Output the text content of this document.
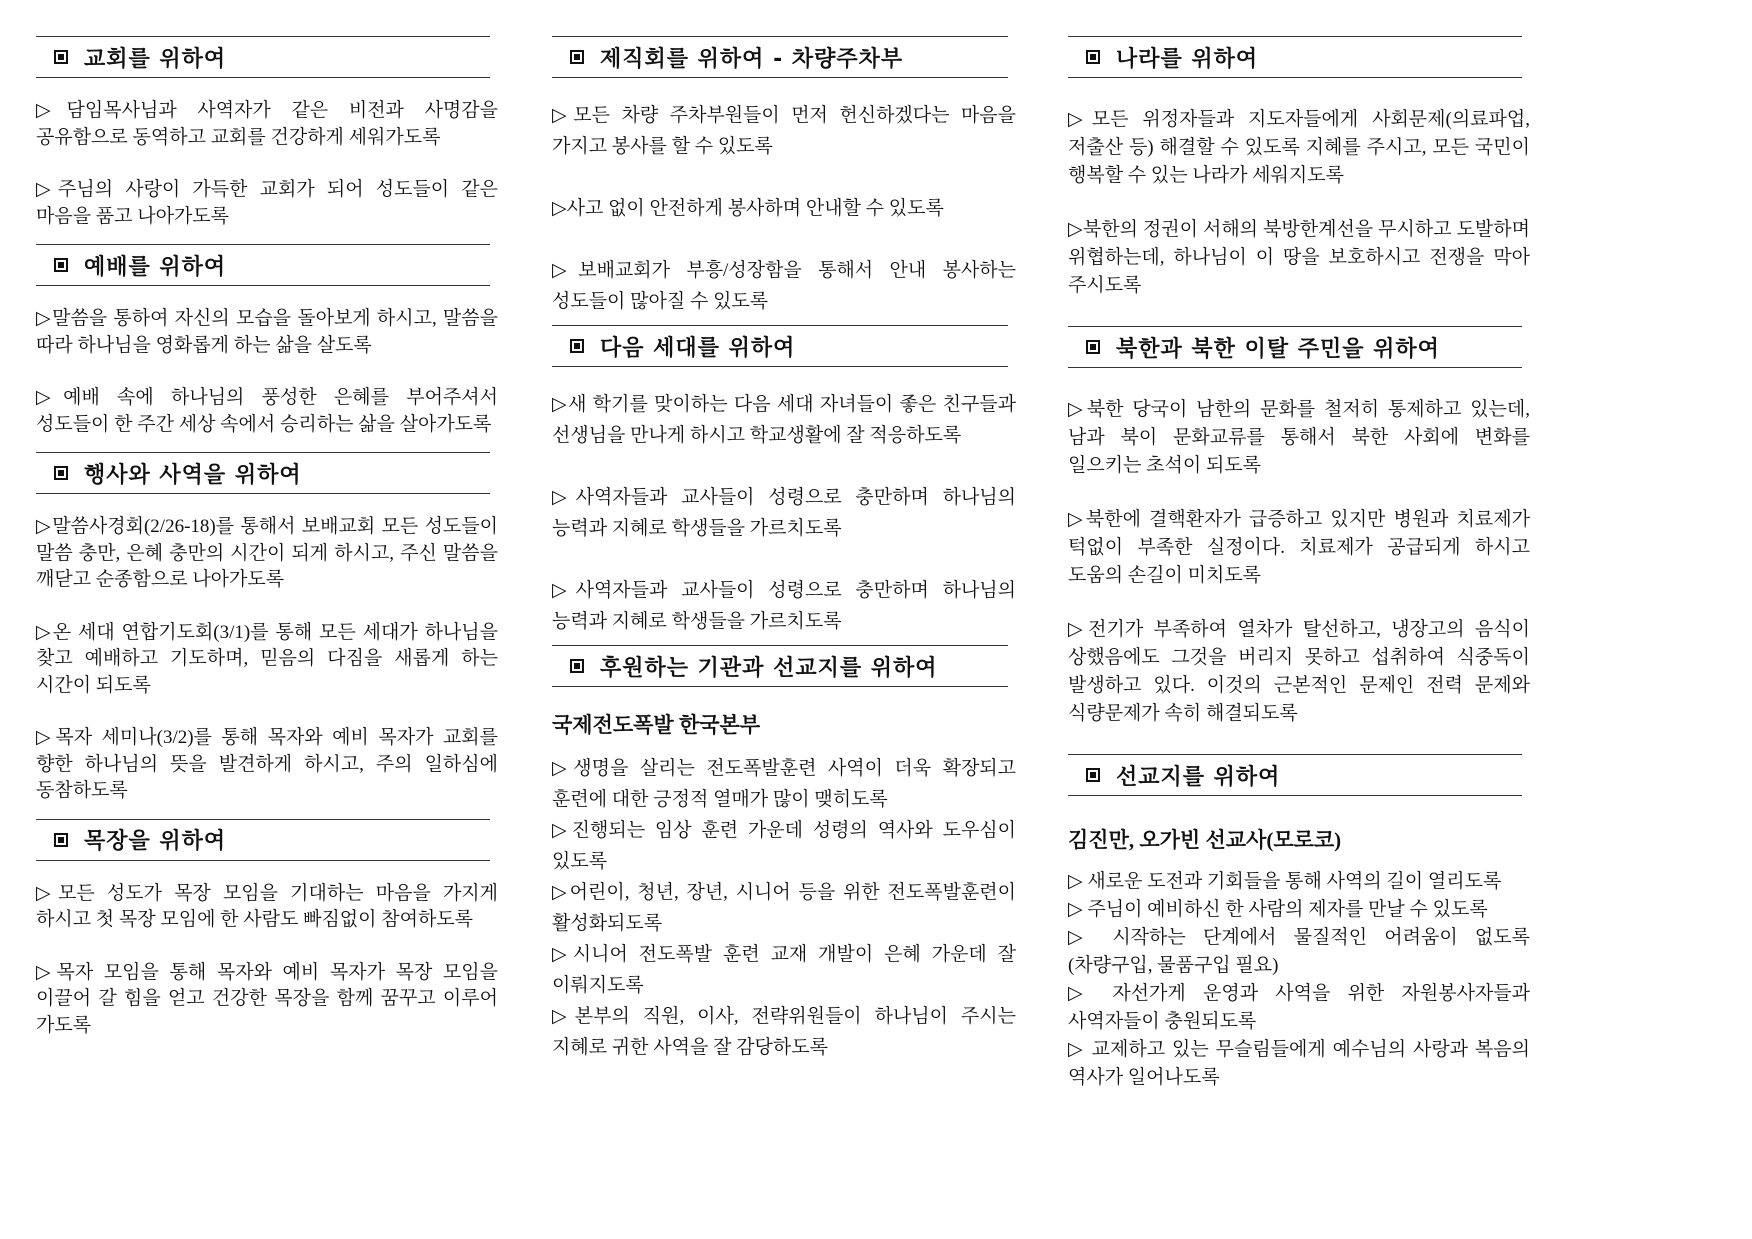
교회를 위하여

▷담임목사님과 사역자가 같은 비전과 사명감을 공유함으로 동역하고 교회를 건강하게 세워가도록

▷주님의 사랑이 가득한 교회가 되어 성도들이 같은 마음을 품고 나아가도록

예배를 위하여

▷말씀을 통하여 자신의 모습을 돌아보게 하시고, 말씀을 따라 하나님을 영화롭게 하는 삶을 살도록

▷예배 속에 하나님의 풍성한 은혜를 부어주셔서 성도들이 한 주간 세상 속에서 승리하는 삶을 살아가도록

행사와 사역을 위하여

▷말씀사경회(2/26-18)를 통해서 보배교회 모든 성도들이 말씀 충만, 은혜 충만의 시간이 되게 하시고, 주신 말씀을 깨닫고 순종함으로 나아가도록

▷온 세대 연합기도회(3/1)를 통해 모든 세대가 하나님을 찾고 예배하고 기도하며, 믿음의 다짐을 새롭게 하는 시간이 되도록

▷목자 세미나(3/2)를 통해 목자와 예비 목자가 교회를 향한 하나님의 뜻을 발견하게 하시고, 주의 일하심에 동참하도록

목장을 위하여

▷모든 성도가 목장 모임을 기대하는 마음을 가지게 하시고 첫 목장 모임에 한 사람도 빠짐없이 참여하도록

▷목자 모임을 통해 목자와 예비 목자가 목장 모임을 이끌어 갈 힘을 얻고 건강한 목장을 함께 꿈꾸고 이루어 가도록

제직회를 위하여 - 차량주차부

▷모든 차량 주차부원들이 먼저 헌신하겠다는 마음을 가지고 봉사를 할 수 있도록

▷사고 없이 안전하게 봉사하며 안내할 수 있도록

▷보배교회가 부흥/성장함을 통해서 안내 봉사하는 성도들이 많아질 수 있도록

다음 세대를 위하여

▷새 학기를 맞이하는 다음 세대 자녀들이 좋은 친구들과 선생님을 만나게 하시고 학교생활에 잘 적응하도록

▷사역자들과 교사들이 성령으로 충만하며 하나님의 능력과 지혜로 학생들을 가르치도록

▷사역자들과 교사들이 성령으로 충만하며 하나님의 능력과 지혜로 학생들을 가르치도록

후원하는 기관과 선교지를 위하여
국제전도폭발 한국본부

▷생명을 살리는 전도폭발훈련 사역이 더욱 확장되고 훈련에 대한 긍정적 열매가 많이 맺히도록

▷진행되는 임상 훈련 가운데 성령의 역사와 도우심이 있도록

▷어린이, 청년, 장년, 시니어 등을 위한 전도폭발훈련이 활성화되도록

▷시니어 전도폭발 훈련 교재 개발이 은혜 가운데 잘 이뤄지도록

▷본부의 직원, 이사, 전략위원들이 하나님이 주시는 지혜로 귀한 사역을 잘 감당하도록

나라를 위하여

▷모든 위정자들과 지도자들에게 사회문제(의료파업, 저출산 등) 해결할 수 있도록 지혜를 주시고, 모든 국민이 행복할 수 있는 나라가 세워지도록

▷북한의 정권이 서해의 북방한계선을 무시하고 도발하며 위협하는데, 하나님이 이 땅을 보호하시고 전쟁을 막아 주시도록

북한과 북한 이탈 주민을 위하여

▷북한 당국이 남한의 문화를 철저히 통제하고 있는데, 남과 북이 문화교류를 통해서 북한 사회에 변화를 일으키는 초석이 되도록

▷북한에 결핵환자가 급증하고 있지만 병원과 치료제가 턱없이 부족한 실정이다. 치료제가 공급되게 하시고 도움의 손길이 미치도록

▷전기가 부족하여 열차가 탈선하고, 냉장고의 음식이 상했음에도 그것을 버리지 못하고 섭취하여 식중독이 발생하고 있다. 이것의 근본적인 문제인 전력 문제와 식량문제가 속히 해결되도록

선교지를 위하여
김진만, 오가빈 선교사(모로코)

▷ 새로운 도전과 기회들을 통해 사역의 길이 열리도록

▷ 주님이 예비하신 한 사람의 제자를 만날 수 있도록

▷ 시작하는 단계에서 물질적인 어려움이 없도록 (차량구입, 물품구입 필요)

▷ 자선가게 운영과 사역을 위한 자원봉사자들과 사역자들이 충원되도록

▷ 교제하고 있는 무슬림들에게 예수님의 사랑과 복음의 역사가 일어나도록
